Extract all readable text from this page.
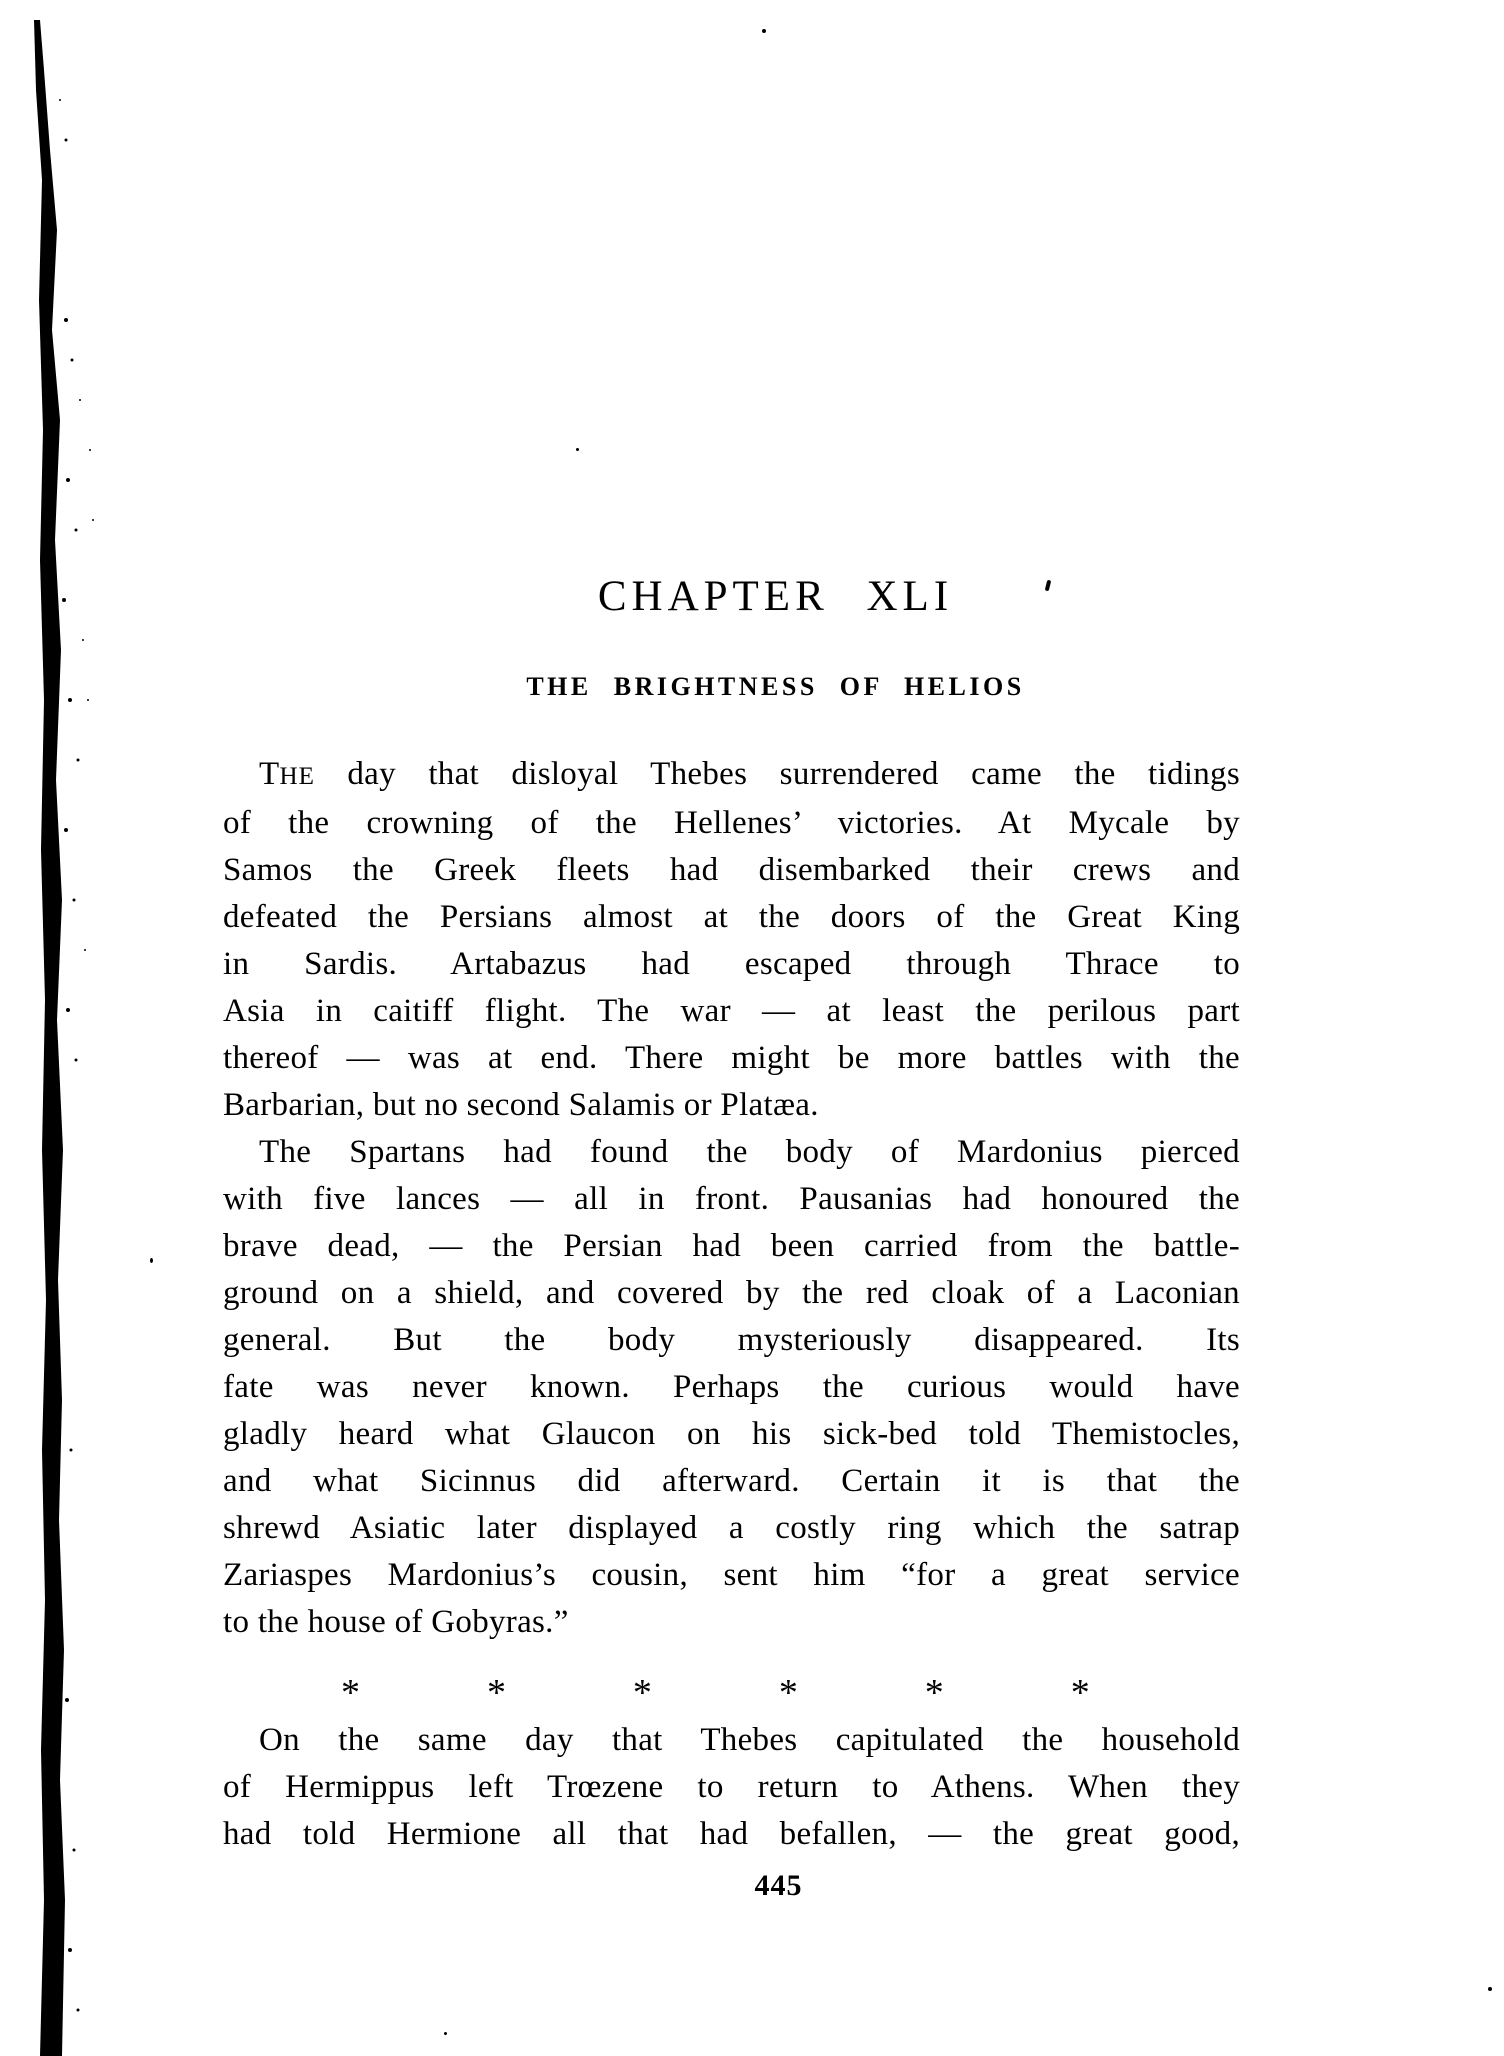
CHAPTER XLI
THE BRIGHTNESS OF HELIOS
THE day that disloyal Thebes surrendered came the tidings
of the crowning of the Hellenes’ victories. At Mycale by
Samos the Greek fleets had disembarked their crews and
defeated the Persians almost at the doors of the Great King
in Sardis. Artabazus had escaped through Thrace to
Asia in caitiff flight. The war — at least the perilous part
thereof — was at end. There might be more battles with the
Barbarian, but no second Salamis or Platæa.
The Spartans had found the body of Mardonius pierced
with five lances — all in front. Pausanias had honoured the
brave dead, — the Persian had been carried from the battle-
ground on a shield, and covered by the red cloak of a Laconian
general. But the body mysteriously disappeared. Its
fate was never known. Perhaps the curious would have
gladly heard what Glaucon on his sick-bed told Themistocles,
and what Sicinnus did afterward. Certain it is that the
shrewd Asiatic later displayed a costly ring which the satrap
Zariaspes Mardonius’s cousin, sent him “for a great service
to the house of Gobyras.”
*	*	*	*	*	*
On the same day that Thebes capitulated the household
of Hermippus left Trœzene to return to Athens. When they
had told Hermione all that had befallen, — the great good,
445
